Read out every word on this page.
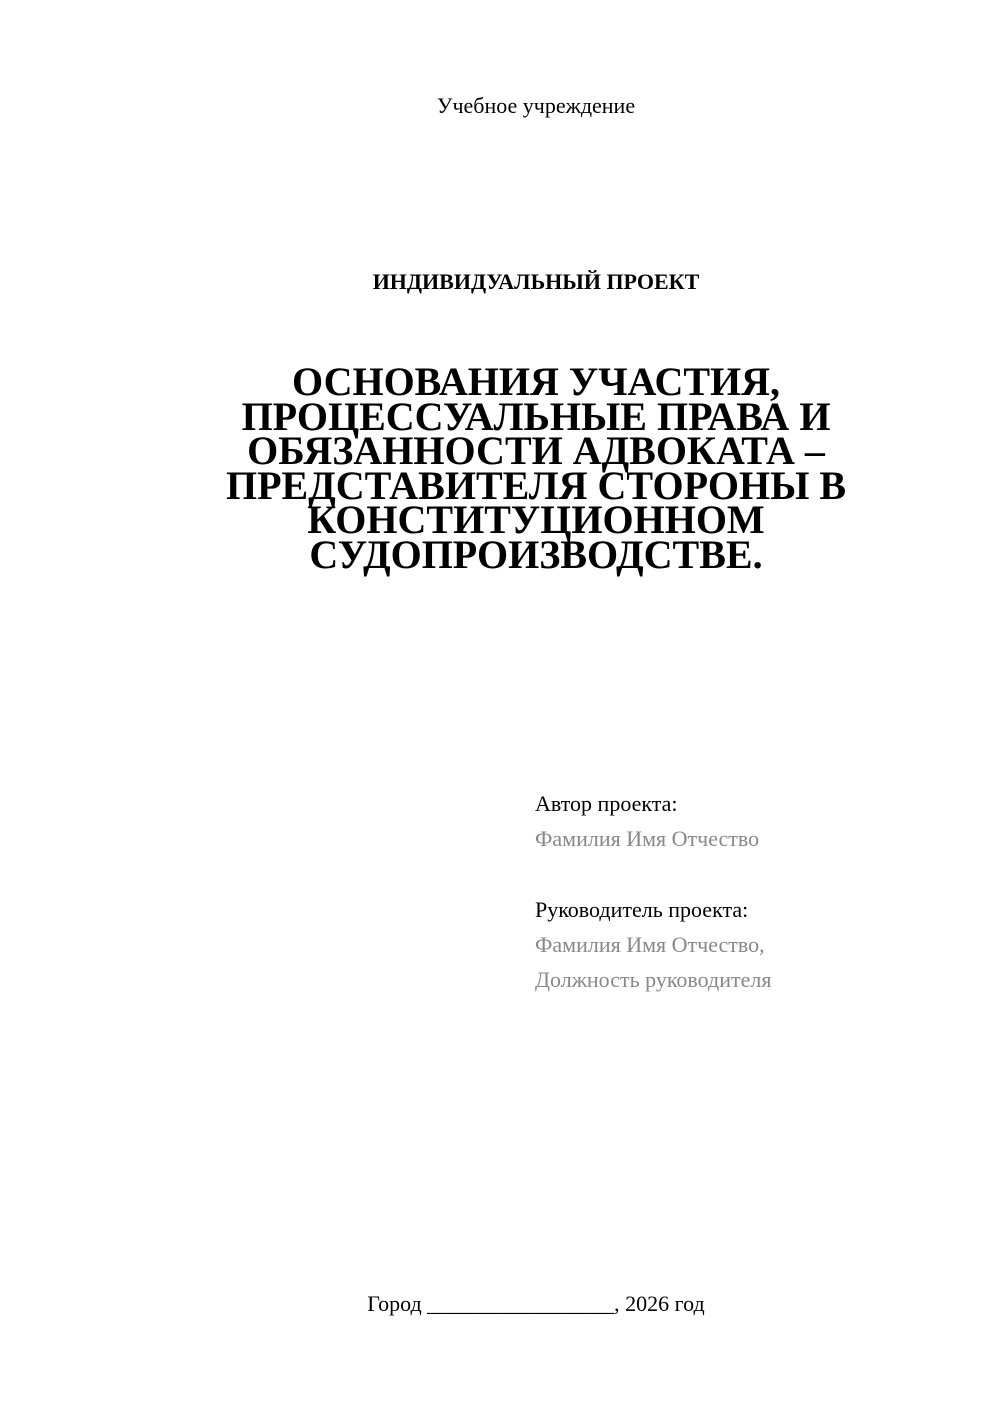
Учебное учреждение
ИНДИВИДУАЛЬНЫЙ ПРОЕКТ
ОСНОВАНИЯ УЧАСТИЯ,
ПРОЦЕССУАЛЬНЫЕ ПРАВА И
ОБЯЗАННОСТИ АДВОКАТА –
ПРЕДСТАВИТЕЛЯ СТОРОНЫ В
КОНСТИТУЦИОННОМ
СУДОПРОИЗВОДСТВЕ.
Автор проекта:
Фамилия Имя Отчество
Руководитель проекта:
Фамилия Имя Отчество,
Должность руководителя
Город _________________, 2026 год
